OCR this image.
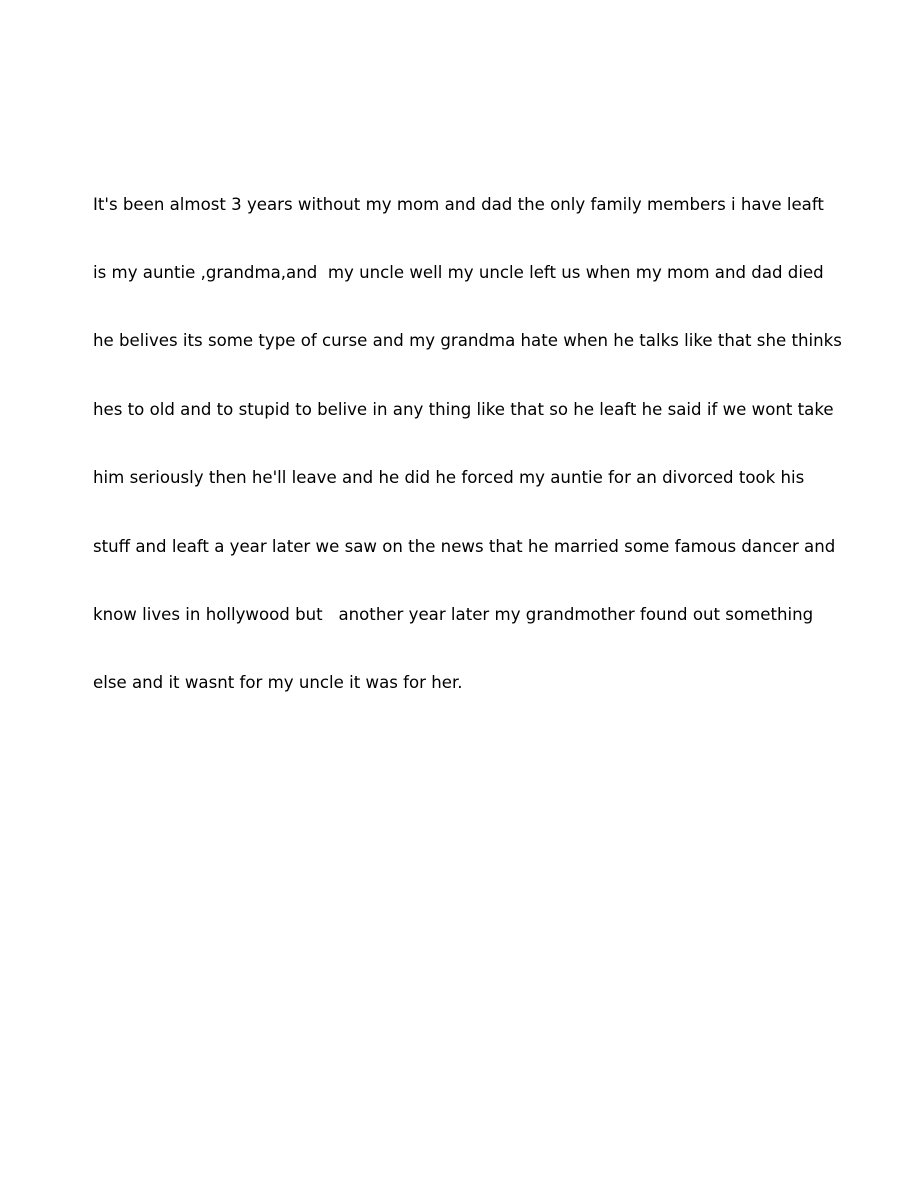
It's been almost 3 years without my mom and dad the only family members i have leaft

is my auntie ,grandma,and  my uncle well my uncle left us when my mom and dad died

he belives its some type of curse and my grandma hate when he talks like that she thinks

hes to old and to stupid to belive in any thing like that so he leaft he said if we wont take

him seriously then he'll leave and he did he forced my auntie for an divorced took his

stuff and leaft a year later we saw on the news that he married some famous dancer and

know lives in hollywood but   another year later my grandmother found out something

else and it wasnt for my uncle it was for her.
